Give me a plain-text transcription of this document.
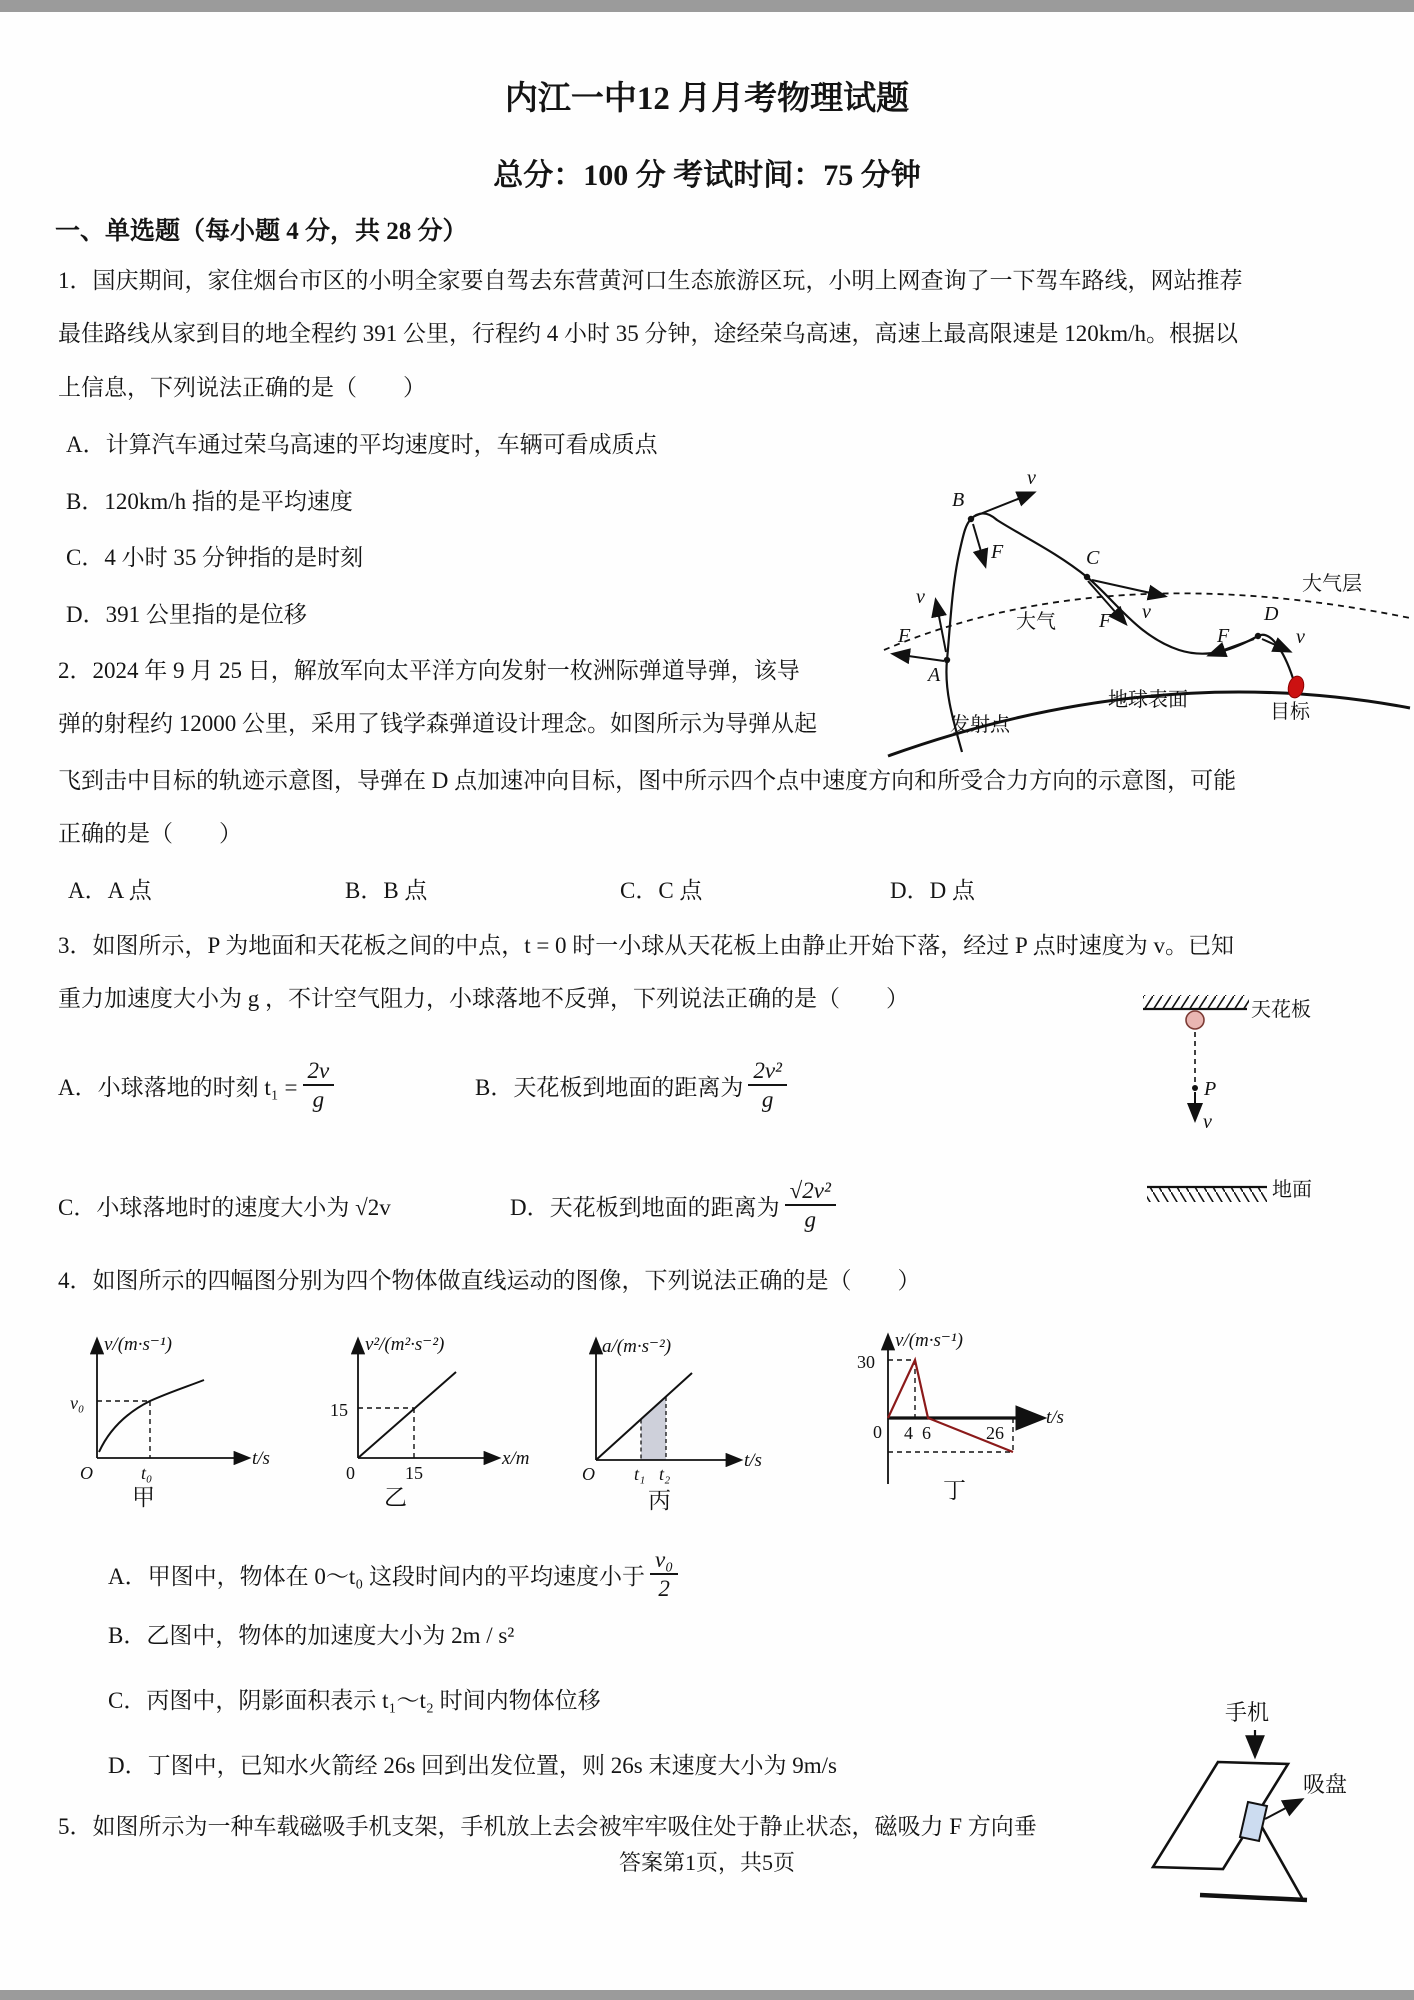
内江一中12 月月考物理试题
总分：100 分 考试时间：75 分钟
一、单选题（每小题 4 分，共 28 分）
1．国庆期间，家住烟台市区的小明全家要自驾去东营黄河口生态旅游区玩，小明上网查询了一下驾车路线，网站推荐
最佳路线从家到目的地全程约 391 公里，行程约 4 小时 35 分钟，途经荣乌高速，高速上最高限速是 120km/h。根据以
上信息，下列说法正确的是（　　）
A．计算汽车通过荣乌高速的平均速度时，车辆可看成质点
B．120km/h 指的是平均速度
C．4 小时 35 分钟指的是时刻
D．391 公里指的是位移
2．2024 年 9 月 25 日，解放军向太平洋方向发射一枚洲际弹道导弹，该导
弹的射程约 12000 公里，采用了钱学森弹道设计理念。如图所示为导弹从起
飞到击中目标的轨迹示意图，导弹在 D 点加速冲向目标，图中所示四个点中速度方向和所受合力方向的示意图，可能
正确的是（　　）
A．A 点	B．B 点	C．C 点	D．D 点
A
v
F
B
v
F	C
v
F	D
v
F
大气层
大气
地球表面
发射点
目标
3．如图所示，P 为地面和天花板之间的中点，t = 0 时一小球从天花板上由静止开始下落，经过 P 点时速度为 v。已知
重力加速度大小为 g ，不计空气阻力，小球落地不反弹，下列说法正确的是（　　）
A．小球落地的时刻 $t_1 = \frac{2v}{g}$	B．天花板到地面的距离为 $\frac{\text{2v²}}{g}$
C．小球落地时的速度大小为 √2v	D．天花板到地面的距离为 $\frac{\text{√2v²}}{g}$
天花板
P
v
地面
4．如图所示的四幅图分别为四个物体做直线运动的图像，下列说法正确的是（　　）
v/(m·s⁻¹)
t/s
v₀
t₀
O
甲
v²/(m²·s⁻²)
x/m
15
15
0
乙
a/(m·s⁻²)
t/s
t₁ t₂
O
丙
v/(m·s⁻¹)
t/s
30
0 4 6	26
丁
A．甲图中，物体在 0～t₀ 这段时间内的平均速度小于 $\frac{\text{v₀}}{2}$
B．乙图中，物体的加速度大小为 2m / s²
C．丙图中，阴影面积表示 t₁～t₂ 时间内物体位移
D．丁图中，已知水火箭经 26s 回到出发位置，则 26s 末速度大小为 9m/s
5．如图所示为一种车载磁吸手机支架，手机放上去会被牢牢吸住处于静止状态，磁吸力 F 方向垂
手机
吸盘
答案第1页，共5页
